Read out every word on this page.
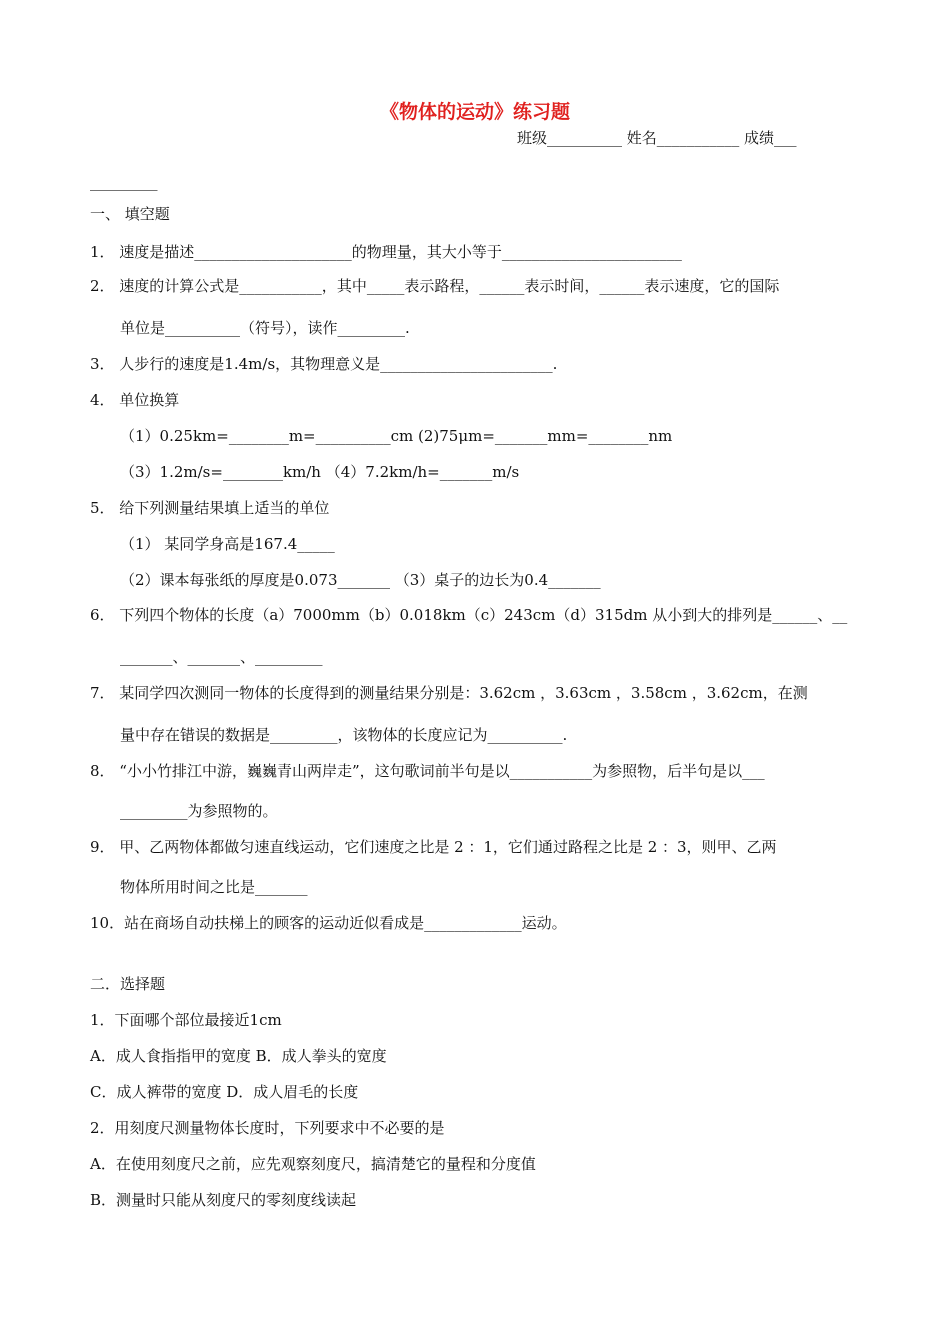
《物体的运动》练习题
班级__________ 姓名___________ 成绩___
_________
一、 填空题
1． 速度是描述_____________________的物理量，其大小等于________________________
2． 速度的计算公式是___________，其中_____表示路程，______表示时间，______表示速度，它的国际
单位是__________（符号），读作_________.
3． 人步行的速度是1.4m/s，其物理意义是_______________________.
4． 单位换算
（1）0.25km=________m=__________cm (2)75μm=_______mm=________nm
（3）1.2m/s=________km/h （4）7.2km/h=_______m/s
5． 给下列测量结果填上适当的单位
（1） 某同学身高是167.4_____
（2）课本每张纸的厚度是0.073_______ （3）桌子的边长为0.4_______
6． 下列四个物体的长度（a）7000mm（b）0.018km（c）243cm（d）315dm 从小到大的排列是______、__
_______、_______、_________
7． 某同学四次测同一物体的长度得到的测量结果分别是：3.62cm ，3.63cm ，3.58cm ，3.62cm，在测
量中存在错误的数据是_________，该物体的长度应记为__________.
8． “小小竹排江中游，巍巍青山两岸走”，这句歌词前半句是以___________为参照物，后半句是以___
_________为参照物的。
9． 甲、乙两物体都做匀速直线运动，它们速度之比是 2 ：1，它们通过路程之比是 2 ：3，则甲、乙两
物体所用时间之比是_______
10．站在商场自动扶梯上的顾客的运动近似看成是_____________运动。
二．选择题
1．下面哪个部位最接近1cm
A．成人食指指甲的宽度 B．成人拳头的宽度
C．成人裤带的宽度 D．成人眉毛的长度
2．用刻度尺测量物体长度时，下列要求中不必要的是
A．在使用刻度尺之前，应先观察刻度尺，搞清楚它的量程和分度值
B．测量时只能从刻度尺的零刻度线读起
